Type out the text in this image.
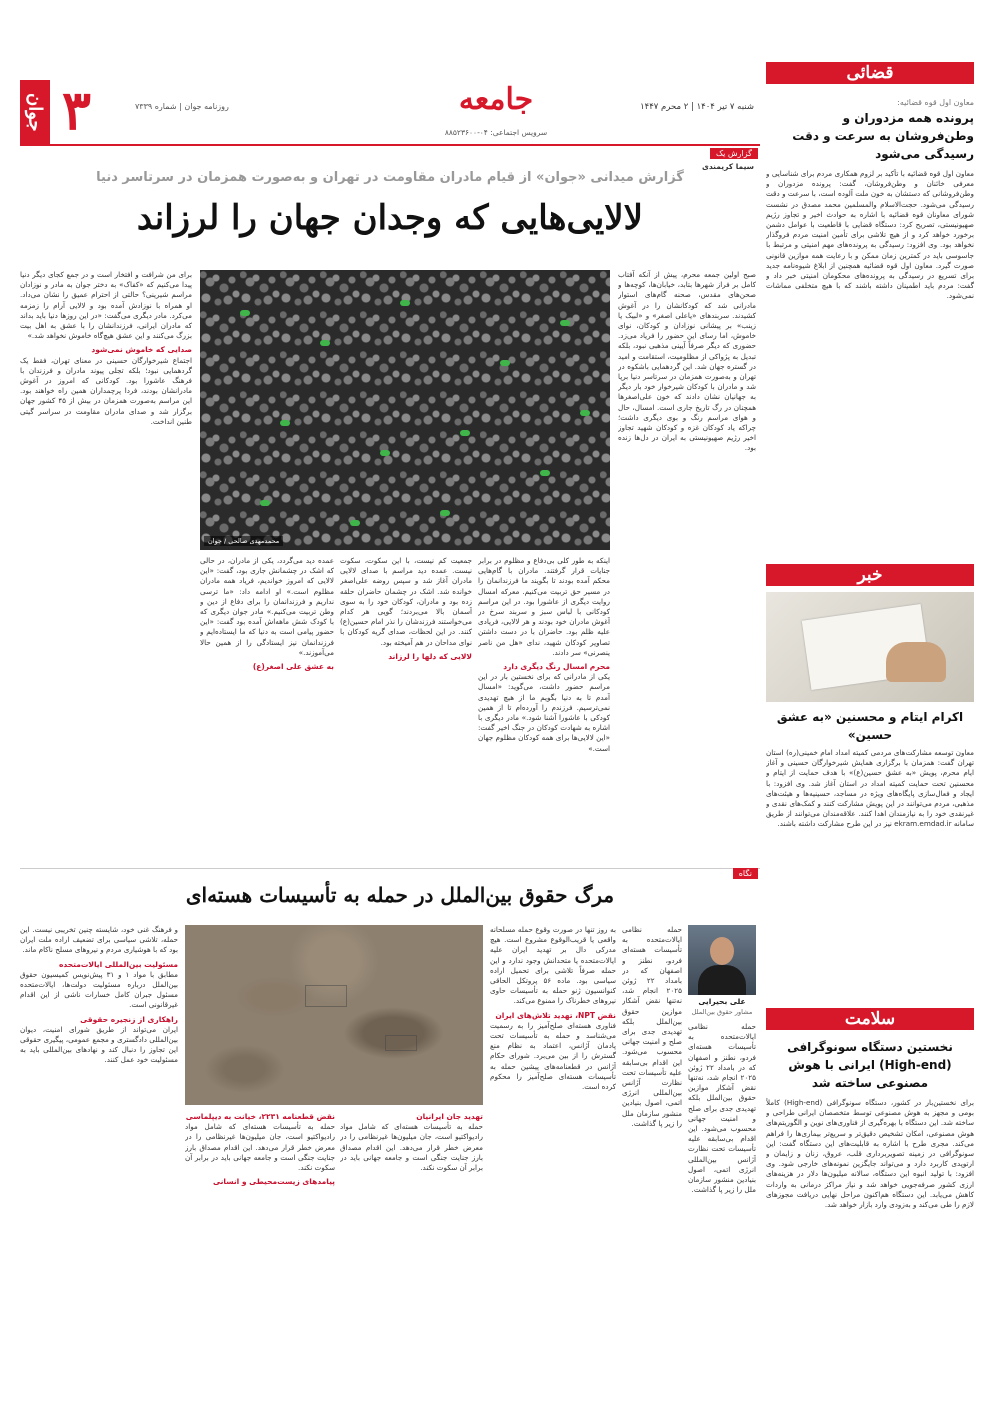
جوان ۳	روزنامه جوان | شماره ۷۳۳۹	جامعه
سرویس اجتماعی: ۰۴-۸۸۵۲۳۶۰۰
شنبه ۷ تیر ۱۴۰۴ | ۲ محرم ۱۴۴۷
گزارش یک
سیما کریمندی
گزارش میدانی «جوان» از قیام مادران مقاومت در تهران و به‌صورت همزمان در سرتاسر دنیا
لالایی‌هایی که وجدان جهان را لرزاند
محمدمهدی صالحی / جوان
صبح اولین جمعه محرم، پیش از آنکه آفتاب کامل بر فراز شهرها بتابد، خیابان‌ها، کوچه‌ها و صحن‌های مقدس، صحنه گام‌های استوار مادرانی شد که کودکانشان را در آغوش کشیدند. سربندهای «یاعلی اصغر» و «لبیک یا زینب» بر پیشانی نوزادان و کودکان، نوای خاموش، اما رسای این حضور را فریاد می‌زد. حضوری که دیگر صرفاً آیینی مذهبی نبود، بلکه تبدیل به پژواکی از مظلومیت، استقامت و امید در گستره جهان شد. این گردهمایی باشکوه در تهران و به‌صورت همزمان در سرتاسر دنیا برپا شد و مادران با کودکان شیرخوار خود بار دیگر به جهانیان نشان دادند که خون علی‌اصغرها همچنان در رگ تاریخ جاری است. امسال، حال و هوای مراسم رنگ و بوی دیگری داشت؛ چراکه یاد کودکان غزه و کودکان شهید تجاوز اخیر رژیم صهیونیستی به ایران در دل‌ها زنده بود.
برای من شرافت و افتخار است و در جمع کجای دیگر دنیا پیدا می‌کنیم که «کفاک» به دختر جوان به مادر و نوزادان مراسم شیرینی؟ حالتی از احترام عمیق را نشان می‌داد. او همراه با نوزادش آمده بود و لالایی آرام را زمزمه می‌کرد. مادر دیگری می‌گفت: «در این روزها دنیا باید بداند که مادران ایرانی، فرزندانشان را با عشق به اهل بیت بزرگ می‌کنند و این عشق هیچ‌گاه خاموش نخواهد شد.»
صدایی که خاموش نمی‌شود
اجتماع شیرخوارگان حسینی در معنای تهران، فقط یک گردهمایی نبود؛ بلکه تجلی پیوند مادران و فرزندان با فرهنگ عاشورا بود. کودکانی که امروز در آغوش مادرانشان بودند، فردا پرچمداران همین راه خواهند بود. این مراسم به‌صورت همزمان در بیش از ۴۵ کشور جهان برگزار شد و صدای مادران مقاومت در سراسر گیتی طنین انداخت.
اینکه به طور کلی بی‌دفاع و مظلوم در برابر جنایات قرار گرفتند. مادران با گام‌هایی محکم آمده بودند تا بگویند ما فرزندانمان را در مسیر حق تربیت می‌کنیم. معرکه امسال روایت دیگری از عاشورا بود. در این مراسم کودکانی با لباس سبز و سربند سرخ در آغوش مادران خود بودند و هر لالایی، فریادی علیه ظلم بود. حاضران با در دست داشتن تصاویر کودکان شهید، ندای «هل من ناصر ینصرنی» سر دادند.
محرم امسال رنگ دیگری دارد
یکی از مادرانی که برای نخستین بار در این مراسم حضور داشت، می‌گوید: «امسال آمدم تا به دنیا بگویم ما از هیچ تهدیدی نمی‌ترسیم. فرزندم را آورده‌ام تا از همین کودکی با عاشورا آشنا شود.» مادر دیگری با اشاره به شهادت کودکان در جنگ اخیر گفت: «این لالایی‌ها برای همه کودکان مظلوم جهان است.»
جمعیت کم نیست، با این سکوت، سکوت نیست. عمده دید مراسم با صدای لالایی مادران آغاز شد و سپس روضه علی‌اصغر خوانده شد. اشک در چشمان حاضران حلقه زده بود و مادران، کودکان خود را به سوی آسمان بالا می‌بردند؛ گویی هر کدام می‌خواستند فرزندشان را نذر امام حسین(ع) کنند. در این لحظات، صدای گریه کودکان با نوای مداحان در هم آمیخته بود.
لالایی که دلها را لرزاند
عمده دید می‌گردد، یکی از مادران، در حالی که اشک در چشمانش جاری بود، گفت: «این لالایی که امروز خواندیم، فریاد همه مادران مظلوم است.» او ادامه داد: «ما ترسی نداریم و فرزندانمان را برای دفاع از دین و وطن تربیت می‌کنیم.» مادر جوان دیگری که با کودک شش ماهه‌اش آمده بود گفت: «این حضور پیامی است به دنیا که ما ایستاده‌ایم و فرزندانمان نیز ایستادگی را از همین حالا می‌آموزند.»
به عشق علی اصغر(ع)
نگاه
مرگ حقوق بین‌الملل در حمله به تأسیسات هسته‌ای
علی بحیرایی
مشاور حقوق بین‌الملل
حمله نظامی ایالات‌متحده به تأسیسات هسته‌ای فردو، نطنز و اصفهان که در بامداد ۲۲ ژوئن ۲۰۲۵ انجام شد، نه‌تنها نقض آشکار موازین حقوق بین‌الملل بلکه تهدیدی جدی برای صلح و امنیت جهانی محسوب می‌شود. این اقدام بی‌سابقه علیه تأسیسات تحت نظارت آژانس بین‌المللی انرژی اتمی، اصول بنیادین منشور سازمان ملل را زیر پا گذاشت.
حمله نظامی ایالات‌متحده به تأسیسات هسته‌ای فردو، نطنز و اصفهان که در بامداد ۲۲ ژوئن ۲۰۲۵ انجام شد، نه‌تنها نقض آشکار موازین حقوق بین‌الملل بلکه تهدیدی جدی برای صلح و امنیت جهانی محسوب می‌شود. این اقدام بی‌سابقه علیه تأسیسات تحت نظارت آژانس بین‌المللی انرژی اتمی، اصول بنیادین منشور سازمان ملل را زیر پا گذاشت.
به روز تنها در صورت وقوع حمله مسلحانه واقعی یا قریب‌الوقوع مشروع است. هیچ مدرکی دال بر تهدید ایران علیه ایالات‌متحده یا متحدانش وجود ندارد و این حمله صرفاً تلاشی برای تحمیل اراده سیاسی بود. ماده ۵۶ پروتکل الحاقی کنوانسیون ژنو حمله به تأسیسات حاوی نیروهای خطرناک را ممنوع می‌کند.
نقض NPT، تهدید تلاش‌های ایران
فناوری هسته‌ای صلح‌آمیز را به رسمیت می‌شناسد و حمله به تأسیسات تحت پادمان آژانس، اعتماد به نظام منع گسترش را از بین می‌برد. شورای حکام آژانس در قطعنامه‌های پیشین حمله به تأسیسات هسته‌ای صلح‌آمیز را محکوم کرده است.
تهدید جان ایرانیان
حمله به تأسیسات هسته‌ای که شامل مواد رادیواکتیو است، جان میلیون‌ها غیرنظامی را در معرض خطر قرار می‌دهد. این اقدام مصداق بارز جنایت جنگی است و جامعه جهانی باید در برابر آن سکوت نکند.
نقض قطعنامه ۲۲۳۱، خیانت به دیپلماسی
حمله به تأسیسات هسته‌ای که شامل مواد رادیواکتیو است، جان میلیون‌ها غیرنظامی را در معرض خطر قرار می‌دهد. این اقدام مصداق بارز جنایت جنگی است و جامعه جهانی باید در برابر آن سکوت نکند.
پیامدهای زیست‌محیطی و انسانی
و فرهنگ غنی خود، شایسته چنین تخریبی نیست. این حمله، تلاشی سیاسی برای تضعیف اراده ملت ایران بود که با هوشیاری مردم و نیروهای مسلح ناکام ماند.
مسئولیت بین‌المللی ایالات‌متحده
مطابق با مواد ۱ و ۳۱ پیش‌نویس کمیسیون حقوق بین‌الملل درباره مسئولیت دولت‌ها، ایالات‌متحده مسئول جبران کامل خسارات ناشی از این اقدام غیرقانونی است.
راهکاری از زنجیره حقوقی
ایران می‌تواند از طریق شورای امنیت، دیوان بین‌المللی دادگستری و مجمع عمومی، پیگیری حقوقی این تجاوز را دنبال کند و نهادهای بین‌المللی باید به مسئولیت خود عمل کنند.
قضائی
معاون اول قوه قضائیه:
پرونده همه مزدوران و وطن‌فروشان به سرعت و دقت رسیدگی می‌شود
معاون اول قوه قضائیه با تأکید بر لزوم همکاری مردم برای شناسایی و معرفی خائنان و وطن‌فروشان، گفت: پرونده مزدوران و وطن‌فروشانی که دستشان به خون ملت آلوده است، با سرعت و دقت رسیدگی می‌شود. حجت‌الاسلام والمسلمین محمد مصدق در نشست شورای معاونان قوه قضائیه با اشاره به حوادث اخیر و تجاوز رژیم صهیونیستی، تصریح کرد: دستگاه قضایی با قاطعیت با عوامل دشمن برخورد خواهد کرد و از هیچ تلاشی برای تأمین امنیت مردم فروگذار نخواهد بود. وی افزود: رسیدگی به پرونده‌های مهم امنیتی و مرتبط با جاسوسی باید در کمترین زمان ممکن و با رعایت همه موازین قانونی صورت گیرد. معاون اول قوه قضائیه همچنین از ابلاغ شیوه‌نامه جدید برای تسریع در رسیدگی به پرونده‌های محکومان امنیتی خبر داد و گفت: مردم باید اطمینان داشته باشند که با هیچ متخلفی مماشات نمی‌شود.
خبر
اکرام ایتام و محسنین «به عشق حسین»
معاون توسعه مشارکت‌های مردمی کمیته امداد امام خمینی(ره) استان تهران گفت: همزمان با برگزاری همایش شیرخوارگان حسینی و آغاز ایام محرم، پویش «به عشق حسین(ع)» با هدف حمایت از ایتام و محسنین تحت حمایت کمیته امداد در استان آغاز شد. وی افزود: با ایجاد و فعال‌سازی پایگاه‌های ویژه در مساجد، حسینیه‌ها و هیئت‌های مذهبی، مردم می‌توانند در این پویش مشارکت کنند و کمک‌های نقدی و غیرنقدی خود را به نیازمندان اهدا کنند. علاقه‌مندان می‌توانند از طریق سامانه ekram.emdad.ir نیز در این طرح مشارکت داشته باشند.
سلامت
نخستین دستگاه سونوگرافی (High-end) ایرانی با هوش مصنوعی ساخته شد
برای نخستین‌بار در کشور، دستگاه سونوگرافی (High-end) کاملاً بومی و مجهز به هوش مصنوعی توسط متخصصان ایرانی طراحی و ساخته شد. این دستگاه با بهره‌گیری از فناوری‌های نوین و الگوریتم‌های هوش مصنوعی، امکان تشخیص دقیق‌تر و سریع‌تر بیماری‌ها را فراهم می‌کند. مجری طرح با اشاره به قابلیت‌های این دستگاه گفت: این سونوگرافی در زمینه تصویربرداری قلب، عروق، زنان و زایمان و ارتوپدی کاربرد دارد و می‌تواند جایگزین نمونه‌های خارجی شود. وی افزود: با تولید انبوه این دستگاه، سالانه میلیون‌ها دلار در هزینه‌های ارزی کشور صرفه‌جویی خواهد شد و نیاز مراکز درمانی به واردات کاهش می‌یابد. این دستگاه هم‌اکنون مراحل نهایی دریافت مجوزهای لازم را طی می‌کند و به‌زودی وارد بازار خواهد شد.
